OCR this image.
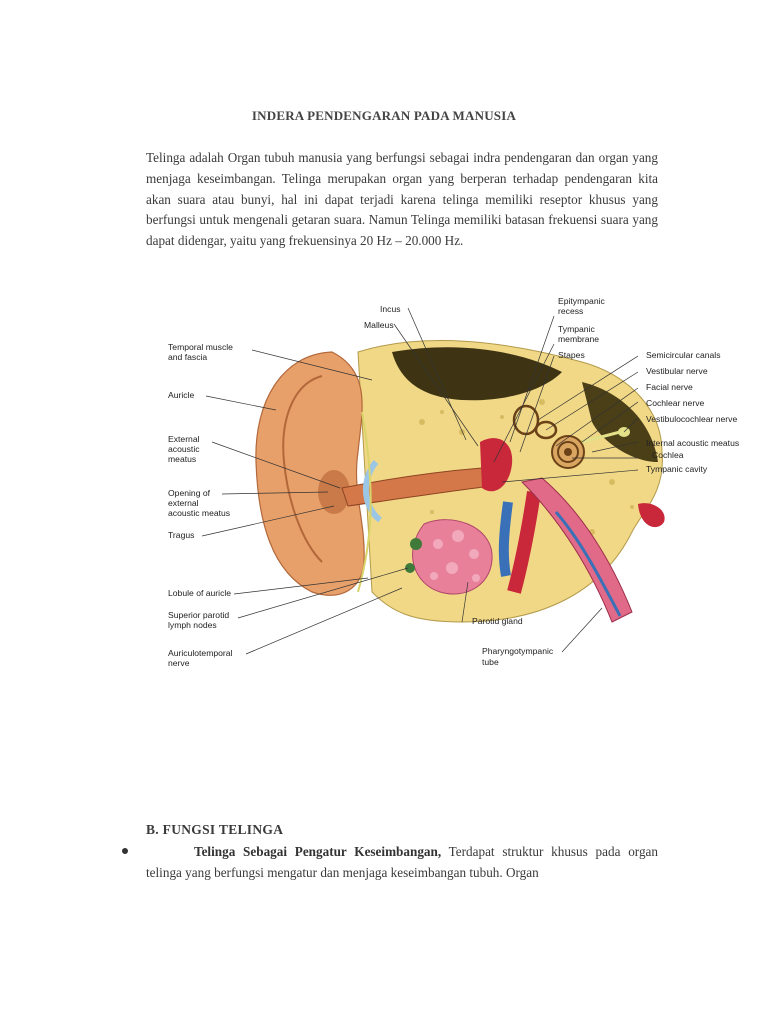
INDERA PENDENGARAN PADA MANUSIA
Telinga adalah Organ tubuh manusia yang berfungsi sebagai indra pendengaran dan organ yang menjaga keseimbangan. Telinga merupakan organ yang berperan terhadap pendengaran kita akan suara atau bunyi, hal ini dapat terjadi karena telinga memiliki reseptor khusus yang berfungsi untuk mengenali getaran suara. Namun Telinga memiliki batasan frekuensi suara yang dapat didengar, yaitu yang frekuensinya 20 Hz – 20.000 Hz.
Temporal muscle
and fascia
Auricle
External
acoustic
meatus
Opening of
external
acoustic meatus
Tragus
Lobule of auricle
Superior parotid
lymph nodes
Auriculotemporal
nerve
Incus
Malleus
Epitympanic
recess
Tympanic
membrane
Stapes	Semicircular canals
Vestibular nerve
Facial nerve
Cochlear nerve
Vestibulocochlear nerve
Internal acoustic meatus
Cochlea
Tympanic cavity
Parotid gland
Pharyngotympanic
tube
B. FUNGSI TELINGA
Telinga Sebagai Pengatur Keseimbangan, Terdapat struktur khusus pada organ telinga yang berfungsi mengatur dan menjaga keseimbangan tubuh. Organ
